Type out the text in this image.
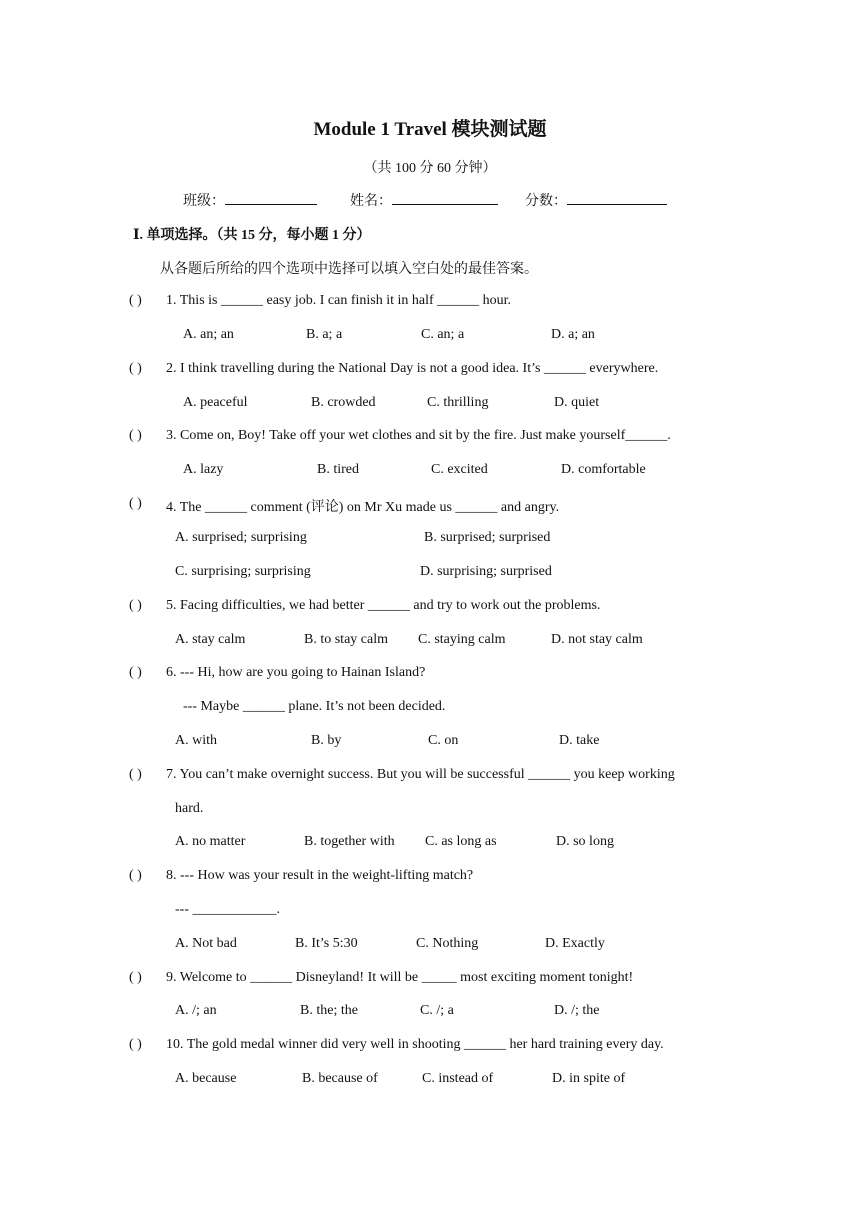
Module 1 Travel 模块测试题
（共 100 分 60 分钟）
班级：	姓名：	分数：
Ⅰ. 单项选择。（共 15 分，每小题 1 分）
从各题后所给的四个选项中选择可以填入空白处的最佳答案。
( ) 1. This is ______ easy job. I can finish it in half ______ hour.
A. an; an	B. a; a	C. an; a	D. a; an
( ) 2. I think travelling during the National Day is not a good idea. It’s ______ everywhere.
A. peaceful	B. crowded	C. thrilling	D. quiet
( ) 3. Come on, Boy! Take off your wet clothes and sit by the fire. Just make yourself______.
A. lazy	B. tired	C. excited	D. comfortable
( ) 4. The ______ comment (评论) on Mr Xu made us ______ and angry.
A. surprised; surprising	B. surprised; surprised
C. surprising; surprising	D. surprising; surprised
( ) 5. Facing difficulties, we had better ______ and try to work out the problems.
A. stay calm	B. to stay calm C. staying calm	D. not stay calm
( ) 6. --- Hi, how are you going to Hainan Island?
--- Maybe ______ plane. It’s not been decided.
A. with	B. by	C. on	D. take
( ) 7. You can’t make overnight success. But you will be successful ______ you keep working
hard.
A. no matter	B. together with C. as long as	D. so long
( ) 8. --- How was your result in the weight-lifting match?
--- ____________.
A. Not bad	B. It’s 5:30	C. Nothing	D. Exactly
( ) 9. Welcome to ______ Disneyland! It will be _____ most exciting moment tonight!
A. /; an	B. the; the	C. /; a	D. /; the
( ) 10. The gold medal winner did very well in shooting ______ her hard training every day.
A. because	B. because of	C. instead of	D. in spite of
